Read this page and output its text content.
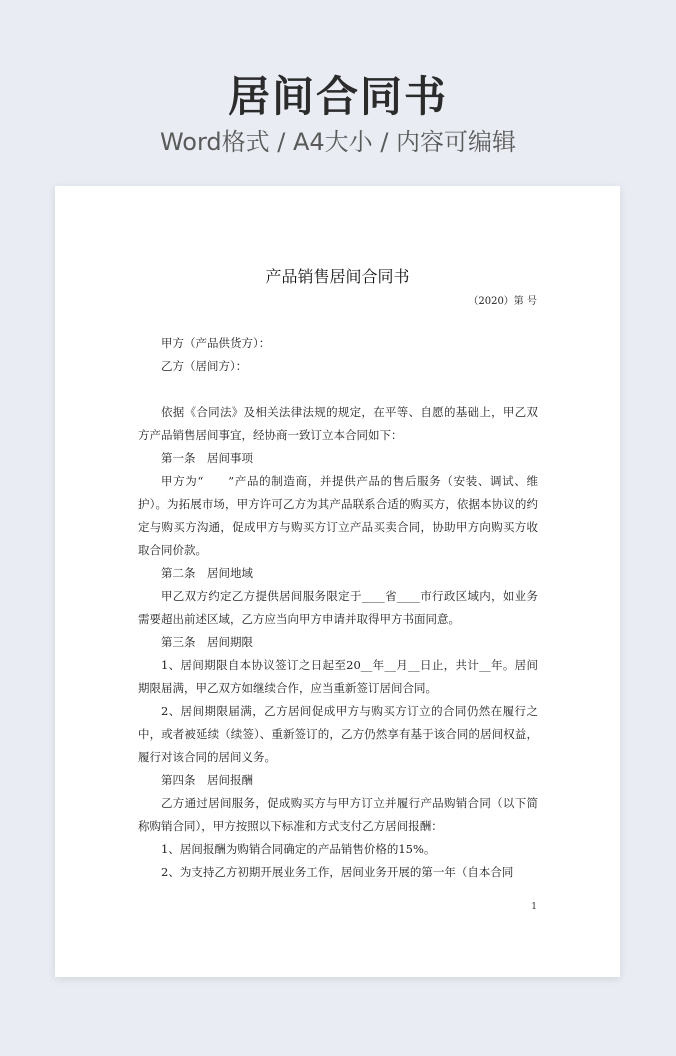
居间合同书
Word格式 / A4大小 / 内容可编辑
产品销售居间合同书
（2020）第 号

甲方（产品供货方）：

乙方（居间方）：

依据《合同法》及相关法律法规的规定，在平等、自愿的基础上，甲乙双方产品销售居间事宜，经协商一致订立本合同如下：

第一条　居间事项

甲方为“　　”产品的制造商，并提供产品的售后服务（安装、调试、维护）。为拓展市场，甲方许可乙方为其产品联系合适的购买方，依据本协议的约定与购买方沟通，促成甲方与购买方订立产品买卖合同，协助甲方向购买方收取合同价款。

第二条　居间地域

甲乙双方约定乙方提供居间服务限定于____省____市行政区域内，如业务需要超出前述区域，乙方应当向甲方申请并取得甲方书面同意。

第三条　居间期限

1、居间期限自本协议签订之日起至20__年__月__日止，共计__年。居间期限届满，甲乙双方如继续合作，应当重新签订居间合同。

2、居间期限届满，乙方居间促成甲方与购买方订立的合同仍然在履行之中，或者被延续（续签）、重新签订的，乙方仍然享有基于该合同的居间权益，履行对该合同的居间义务。

第四条　居间报酬

乙方通过居间服务，促成购买方与甲方订立并履行产品购销合同（以下简称购销合同），甲方按照以下标准和方式支付乙方居间报酬：

1、居间报酬为购销合同确定的产品销售价格的15%。

2、为支持乙方初期开展业务工作，居间业务开展的第一年（自本合同

1
